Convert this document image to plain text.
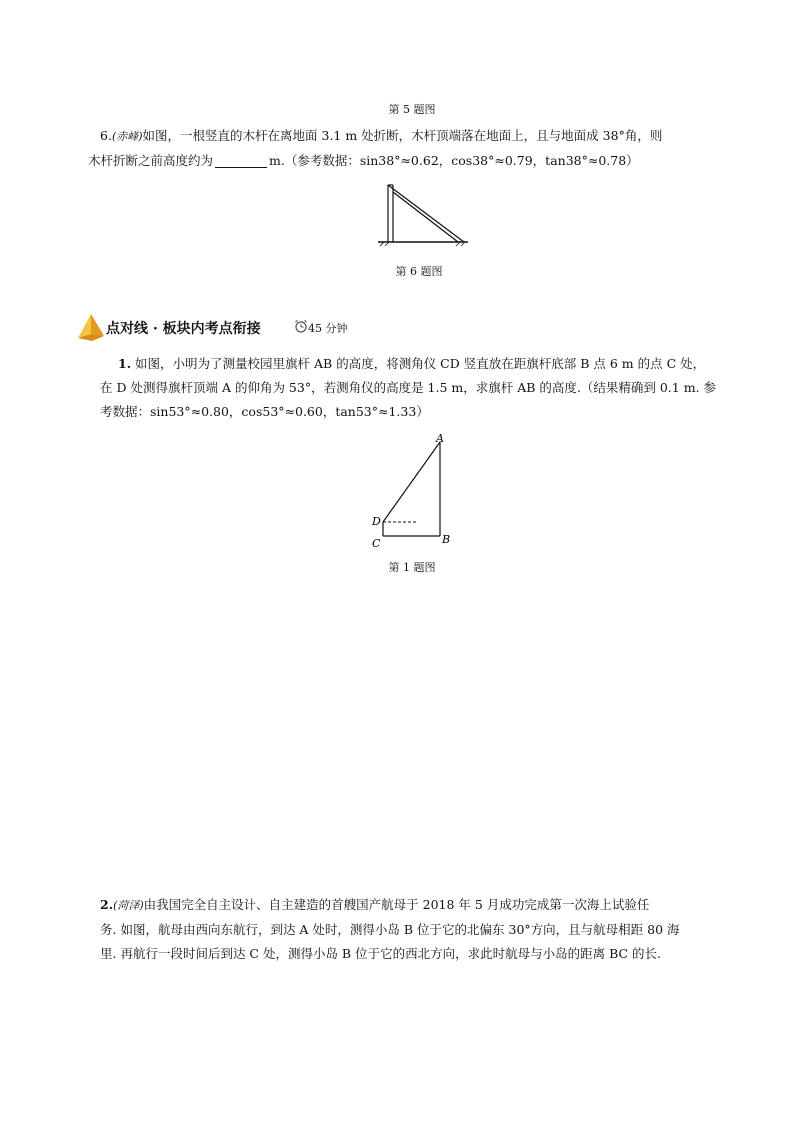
第 5 题图
6.(赤峰)如图，一根竖直的木杆在离地面 3.1 m 处折断，木杆顶端落在地面上，且与地面成 38°角，则
木杆折断之前高度约为	m.（参考数据：sin38°≈0.62，cos38°≈0.79，tan38°≈0.78）
第 6 题图
点对线 · 板块内考点衔接	45 分钟
1. 如图，小明为了测量校园里旗杆 AB 的高度，将测角仪 CD 竖直放在距旗杆底部 B 点 6 m 的点 C 处，
在 D 处测得旗杆顶端 A 的仰角为 53°，若测角仪的高度是 1.5 m，求旗杆 AB 的高度.（结果精确到 0.1 m. 参
考数据：sin53°≈0.80，cos53°≈0.60，tan53°≈1.33）
A
B
C
D
第 1 题图
2.(菏泽)由我国完全自主设计、自主建造的首艘国产航母于 2018 年 5 月成功完成第一次海上试验任
务. 如图，航母由西向东航行，到达 A 处时，测得小岛 B 位于它的北偏东 30°方向，且与航母相距 80 海
里. 再航行一段时间后到达 C 处，测得小岛 B 位于它的西北方向，求此时航母与小岛的距离 BC 的长.
